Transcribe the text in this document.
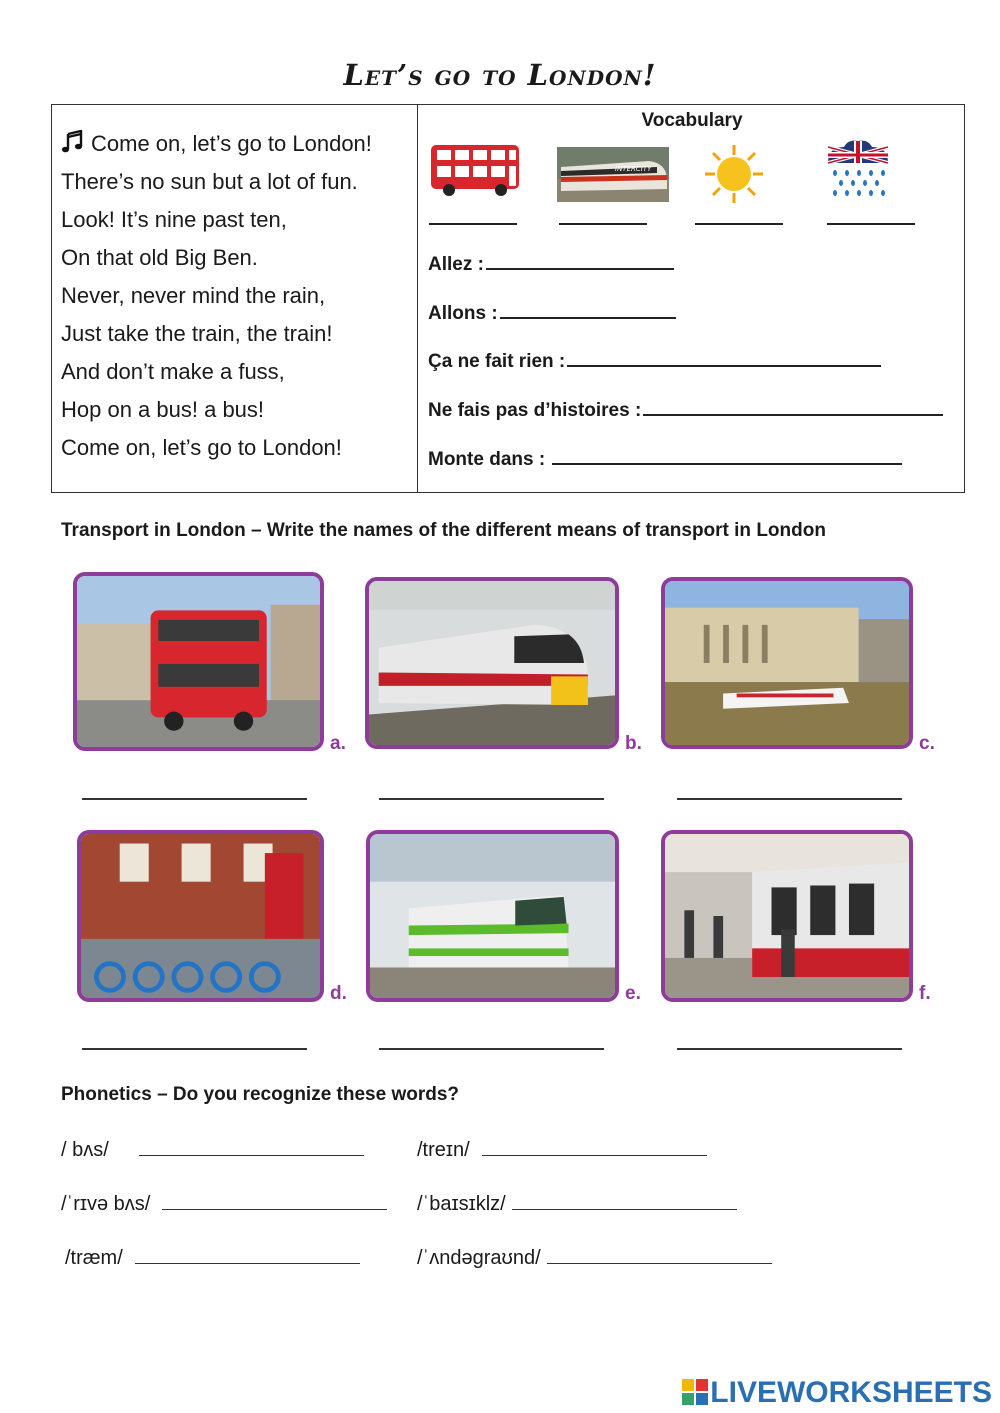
Let’s go to London!
Come on, let’s go to London!
There’s no sun but a lot of fun.
Look! It’s nine past ten,
On that old Big Ben.
Never, never mind the rain,
Just take the train, the train!
And don’t make a fuss,
Hop on a bus! a bus!
Come on, let’s go to London!
Vocabulary
INTERCITY
Allez :
Allons :
Ça ne fait rien :
Ne fais pas d’histoires :
Monte dans :
Transport in London – Write the names of the different means of transport in London
a.	b.	c.
d.	e.	f.
Phonetics – Do you recognize these words?
/ bʌs/	/treɪn/
/ˈrɪvə bʌs/	/ˈbaɪsɪklz/
/træm/	/ˈʌndəgraʊnd/
LIVEWORKSHEETS
